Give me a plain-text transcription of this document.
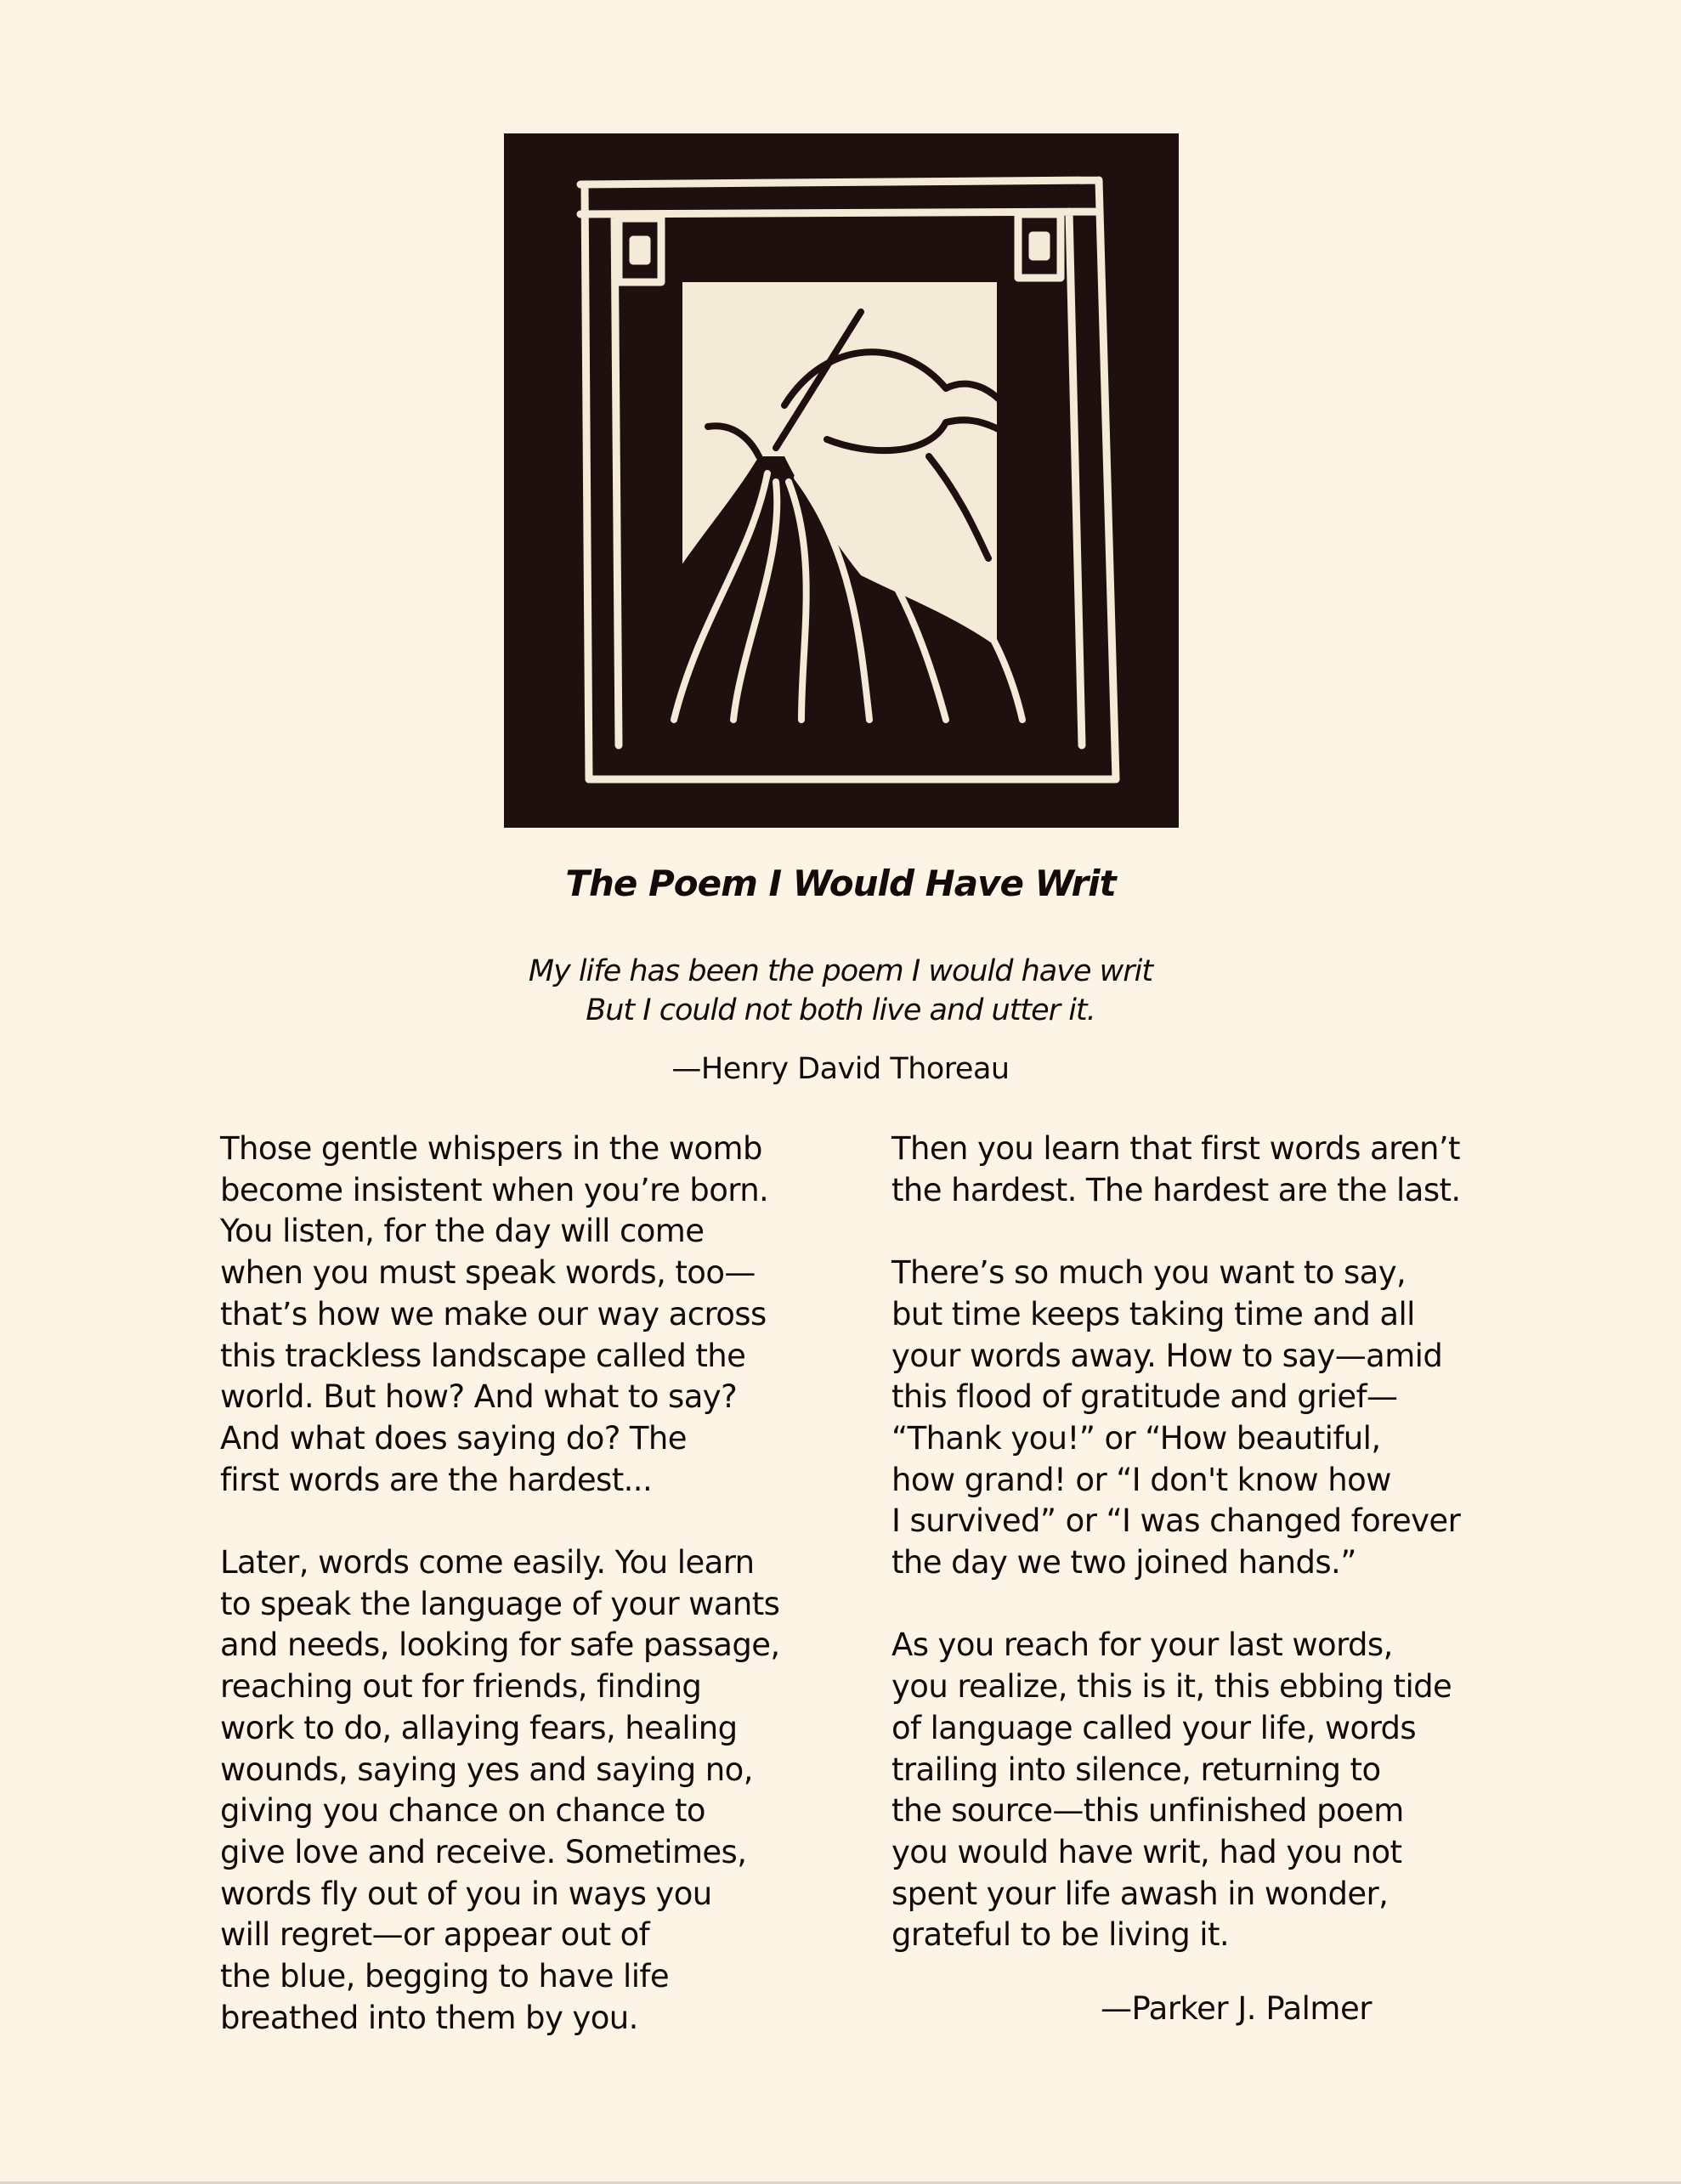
The Poem I Would Have Writ
My life has been the poem I would have writ
But I could not both live and utter it.
—Henry David Thoreau
Those gentle whispers in the womb
become insistent when you’re born.
You listen, for the day will come
when you must speak words, too—
that’s how we make our way across
this trackless landscape called the
world. But how? And what to say?
And what does saying do? The
first words are the hardest...
Later, words come easily. You learn
to speak the language of your wants
and needs, looking for safe passage,
reaching out for friends, finding
work to do, allaying fears, healing
wounds, saying yes and saying no,
giving you chance on chance to
give love and receive. Sometimes,
words fly out of you in ways you
will regret—or appear out of
the blue, begging to have life
breathed into them by you.
Then you learn that first words aren’t
the hardest. The hardest are the last.
There’s so much you want to say,
but time keeps taking time and all
your words away. How to say—amid
this flood of gratitude and grief—
“Thank you!” or “How beautiful,
how grand! or “I don't know how
I survived” or “I was changed forever
the day we two joined hands.”
As you reach for your last words,
you realize, this is it, this ebbing tide
of language called your life, words
trailing into silence, returning to
the source—this unfinished poem
you would have writ, had you not
spent your life awash in wonder,
grateful to be living it.
—Parker J. Palmer
